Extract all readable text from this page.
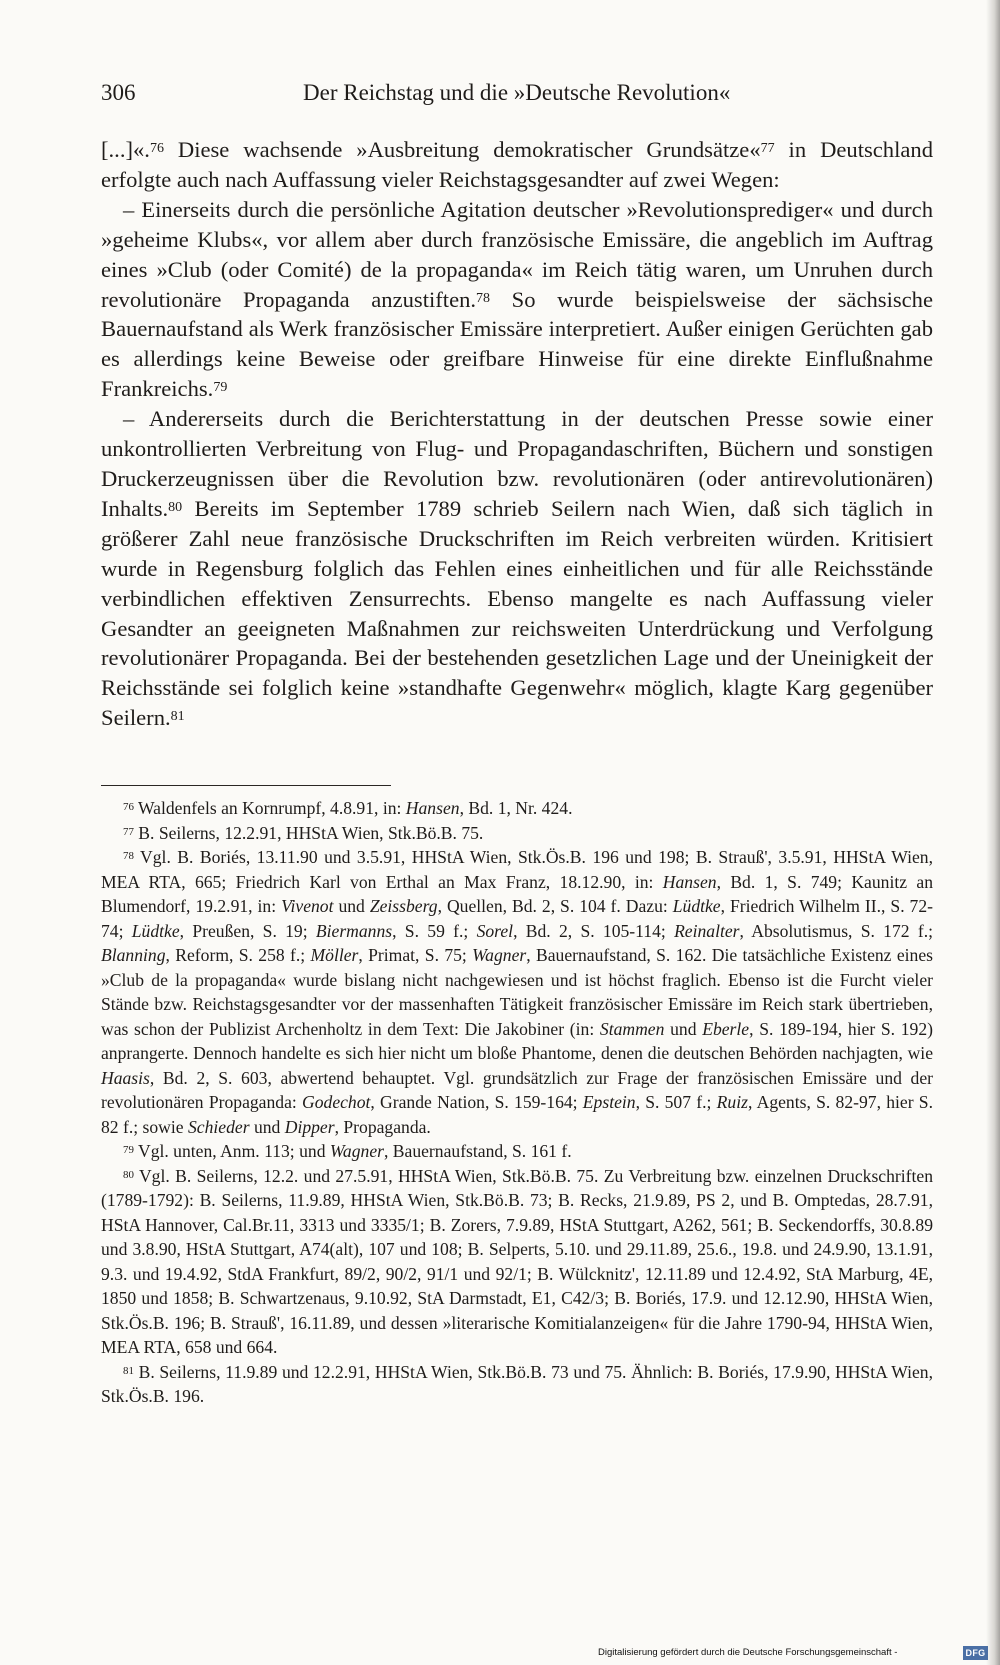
306	Der Reichstag und die »Deutsche Revolution«

[...]«.$^{76}$ Diese wachsende »Ausbreitung demokratischer Grundsätze«$^{77}$ in Deutschland erfolgte auch nach Auffassung vieler Reichstagsgesandter auf zwei Wegen:

– Einerseits durch die persönliche Agitation deutscher »Revolutionsprediger« und durch »geheime Klubs«, vor allem aber durch französische Emissäre, die angeblich im Auftrag eines »Club (oder Comité) de la propaganda« im Reich tätig waren, um Unruhen durch revolutionäre Propaganda anzustiften.$^{78}$ So wurde beispielsweise der sächsische Bauernaufstand als Werk französischer Emissäre interpretiert. Außer einigen Gerüchten gab es allerdings keine Beweise oder greifbare Hinweise für eine direkte Einflußnahme Frankreichs.$^{79}$

– Andererseits durch die Berichterstattung in der deutschen Presse sowie einer unkontrollierten Verbreitung von Flug- und Propagandaschriften, Büchern und sonstigen Druckerzeugnissen über die Revolution bzw. revolutionären (oder antirevolutionären) Inhalts.$^{80}$ Bereits im September 1789 schrieb Seilern nach Wien, daß sich täglich in größerer Zahl neue französische Druckschriften im Reich verbreiten würden. Kritisiert wurde in Regensburg folglich das Fehlen eines einheitlichen und für alle Reichsstände verbindlichen effektiven Zensurrechts. Ebenso mangelte es nach Auffassung vieler Gesandter an geeigneten Maßnahmen zur reichsweiten Unterdrückung und Verfolgung revolutionärer Propaganda. Bei der bestehenden gesetzlichen Lage und der Uneinigkeit der Reichsstände sei folglich keine »standhafte Gegenwehr« möglich, klagte Karg gegenüber Seilern.$^{81}$

$^{76}$ Waldenfels an Kornrumpf, 4.8.91, in: Hansen, Bd. 1, Nr. 424.

$^{77}$ B. Seilerns, 12.2.91, HHStA Wien, Stk.Bö.B. 75.

$^{78}$ Vgl. B. Boriés, 13.11.90 und 3.5.91, HHStA Wien, Stk.Ös.B. 196 und 198; B. Strauß', 3.5.91, HHStA Wien, MEA RTA, 665; Friedrich Karl von Erthal an Max Franz, 18.12.90, in: Hansen, Bd. 1, S. 749; Kaunitz an Blumendorf, 19.2.91, in: Vivenot und Zeissberg, Quellen, Bd. 2, S. 104 f. Dazu: Lüdtke, Friedrich Wilhelm II., S. 72-74; Lüdtke, Preußen, S. 19; Biermanns, S. 59 f.; Sorel, Bd. 2, S. 105-114; Reinalter, Absolutismus, S. 172 f.; Blanning, Reform, S. 258 f.; Möller, Primat, S. 75; Wagner, Bauernaufstand, S. 162. Die tatsächliche Existenz eines »Club de la propaganda« wurde bislang nicht nachgewiesen und ist höchst fraglich. Ebenso ist die Furcht vieler Stände bzw. Reichstagsgesandter vor der massenhaften Tätigkeit französischer Emissäre im Reich stark übertrieben, was schon der Publizist Archenholtz in dem Text: Die Jakobiner (in: Stammen und Eberle, S. 189-194, hier S. 192) anprangerte. Dennoch handelte es sich hier nicht um bloße Phantome, denen die deutschen Behörden nachjagten, wie Haasis, Bd. 2, S. 603, abwertend behauptet. Vgl. grundsätzlich zur Frage der französischen Emissäre und der revolutionären Propaganda: Godechot, Grande Nation, S. 159-164; Epstein, S. 507 f.; Ruiz, Agents, S. 82-97, hier S. 82 f.; sowie Schieder und Dipper, Propaganda.

$^{79}$ Vgl. unten, Anm. 113; und Wagner, Bauernaufstand, S. 161 f.

$^{80}$ Vgl. B. Seilerns, 12.2. und 27.5.91, HHStA Wien, Stk.Bö.B. 75. Zu Verbreitung bzw. einzelnen Druckschriften (1789-1792): B. Seilerns, 11.9.89, HHStA Wien, Stk.Bö.B. 73; B. Recks, 21.9.89, PS 2, und B. Omptedas, 28.7.91, HStA Hannover, Cal.Br.11, 3313 und 3335/1; B. Zorers, 7.9.89, HStA Stuttgart, A262, 561; B. Seckendorffs, 30.8.89 und 3.8.90, HStA Stuttgart, A74(alt), 107 und 108; B. Selperts, 5.10. und 29.11.89, 25.6., 19.8. und 24.9.90, 13.1.91, 9.3. und 19.4.92, StdA Frankfurt, 89/2, 90/2, 91/1 und 92/1; B. Wülcknitz', 12.11.89 und 12.4.92, StA Marburg, 4E, 1850 und 1858; B. Schwartzenaus, 9.10.92, StA Darmstadt, E1, C42/3; B. Boriés, 17.9. und 12.12.90, HHStA Wien, Stk.Ös.B. 196; B. Strauß', 16.11.89, und dessen »literarische Komitialanzeigen« für die Jahre 1790-94, HHStA Wien, MEA RTA, 658 und 664.

$^{81}$ B. Seilerns, 11.9.89 und 12.2.91, HHStA Wien, Stk.Bö.B. 73 und 75. Ähnlich: B. Boriés, 17.9.90, HHStA Wien, Stk.Ös.B. 196.

Digitalisierung gefördert durch die Deutsche Forschungsgemeinschaft -	DFG
